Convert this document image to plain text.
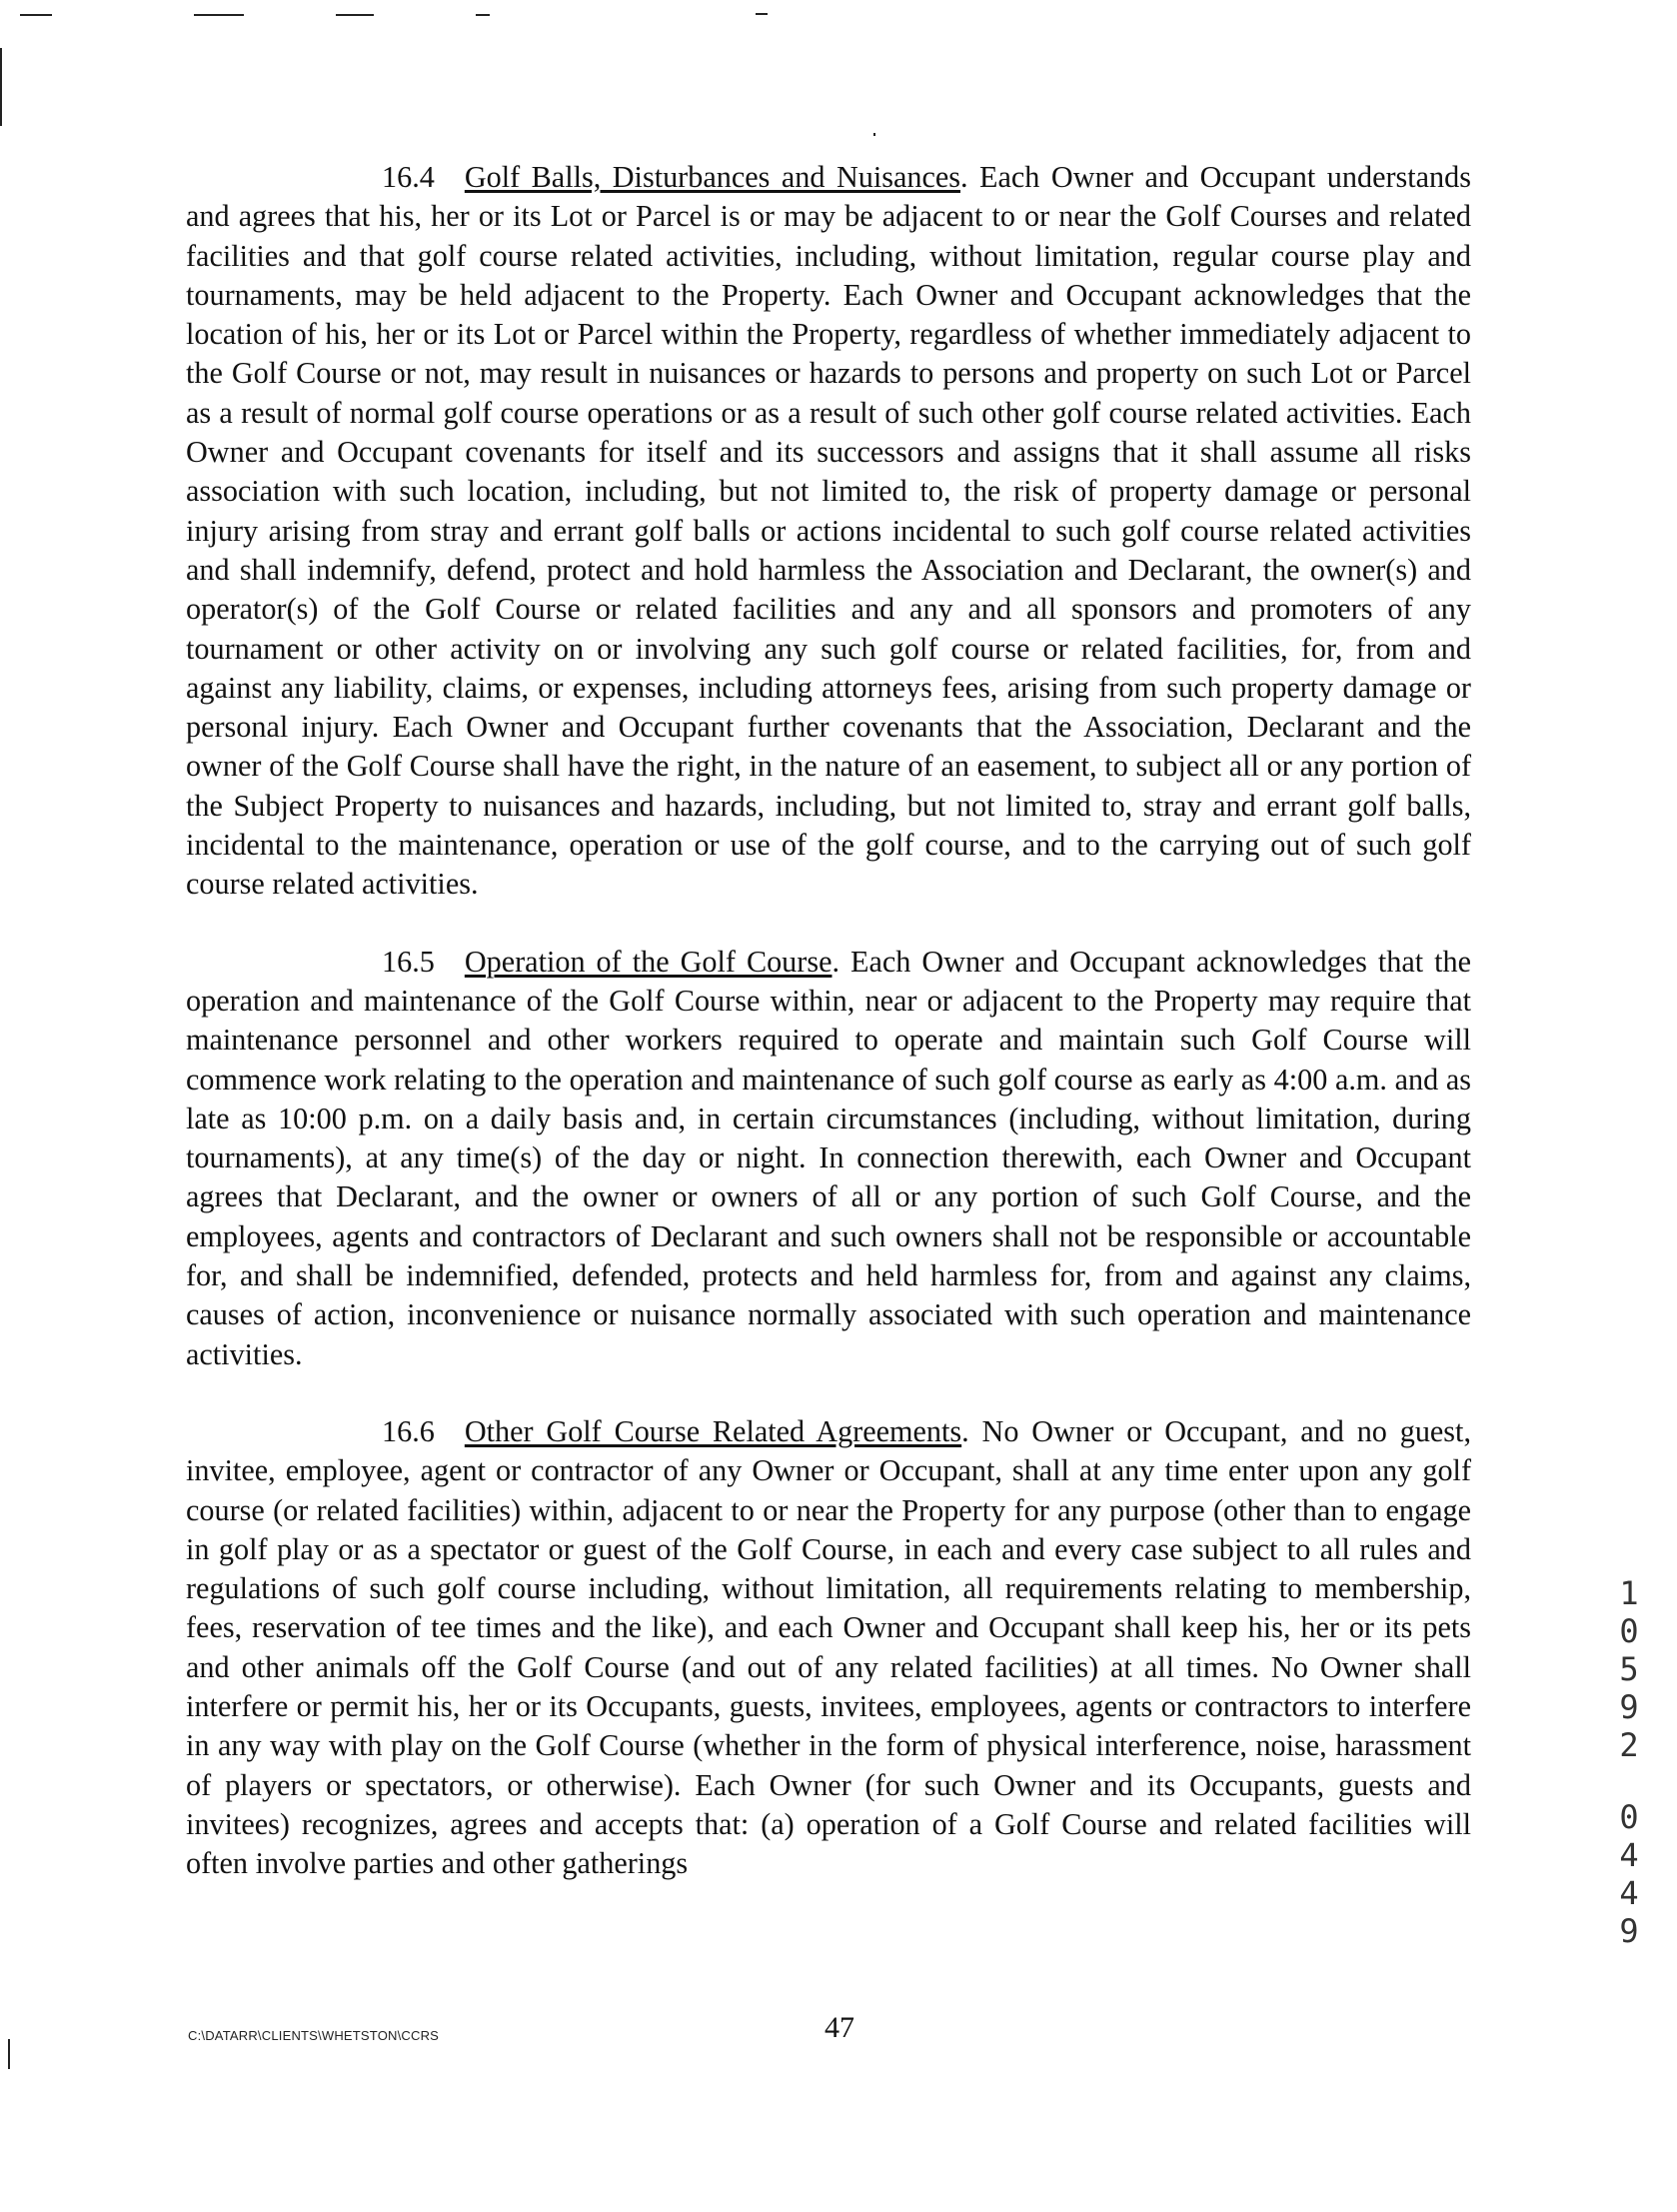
16.4 Golf Balls, Disturbances and Nuisances. Each Owner and Occupant understands and agrees that his, her or its Lot or Parcel is or may be adjacent to or near the Golf Courses and related facilities and that golf course related activities, including, without limitation, regular course play and tournaments, may be held adjacent to the Property. Each Owner and Occupant acknowledges that the location of his, her or its Lot or Parcel within the Property, regardless of whether immediately adjacent to the Golf Course or not, may result in nuisances or hazards to persons and property on such Lot or Parcel as a result of normal golf course operations or as a result of such other golf course related activities. Each Owner and Occupant covenants for itself and its successors and assigns that it shall assume all risks association with such location, including, but not limited to, the risk of property damage or personal injury arising from stray and errant golf balls or actions incidental to such golf course related activities and shall indemnify, defend, protect and hold harmless the Association and Declarant, the owner(s) and operator(s) of the Golf Course or related facilities and any and all sponsors and promoters of any tournament or other activity on or involving any such golf course or related facilities, for, from and against any liability, claims, or expenses, including attorneys fees, arising from such property damage or personal injury. Each Owner and Occupant further covenants that the Association, Declarant and the owner of the Golf Course shall have the right, in the nature of an easement, to subject all or any portion of the Subject Property to nuisances and hazards, including, but not limited to, stray and errant golf balls, incidental to the maintenance, operation or use of the golf course, and to the carrying out of such golf course related activities.

16.5 Operation of the Golf Course. Each Owner and Occupant acknowledges that the operation and maintenance of the Golf Course within, near or adjacent to the Property may require that maintenance personnel and other workers required to operate and maintain such Golf Course will commence work relating to the operation and maintenance of such golf course as early as 4:00 a.m. and as late as 10:00 p.m. on a daily basis and, in certain circumstances (including, without limitation, during tournaments), at any time(s) of the day or night. In connection therewith, each Owner and Occupant agrees that Declarant, and the owner or owners of all or any portion of such Golf Course, and the employees, agents and contractors of Declarant and such owners shall not be responsible or accountable for, and shall be indemnified, defended, protects and held harmless for, from and against any claims, causes of action, inconvenience or nuisance normally associated with such operation and maintenance activities.

16.6 Other Golf Course Related Agreements. No Owner or Occupant, and no guest, invitee, employee, agent or contractor of any Owner or Occupant, shall at any time enter upon any golf course (or related facilities) within, adjacent to or near the Property for any purpose (other than to engage in golf play or as a spectator or guest of the Golf Course, in each and every case subject to all rules and regulations of such golf course including, without limitation, all requirements relating to membership, fees, reservation of tee times and the like), and each Owner and Occupant shall keep his, her or its pets and other animals off the Golf Course (and out of any related facilities) at all times. No Owner shall interfere or permit his, her or its Occupants, guests, invitees, employees, agents or contractors to interfere in any way with play on the Golf Course (whether in the form of physical interference, noise, harassment of players or spectators, or otherwise). Each Owner (for such Owner and its Occupants, guests and invitees) recognizes, agrees and accepts that: (a) operation of a Golf Course and related facilities will often involve parties and other gatherings

47
C:\DATARR\CLIENTS\WHETSTON\CCRS
1
0
5
9
2
0
4
4
9
